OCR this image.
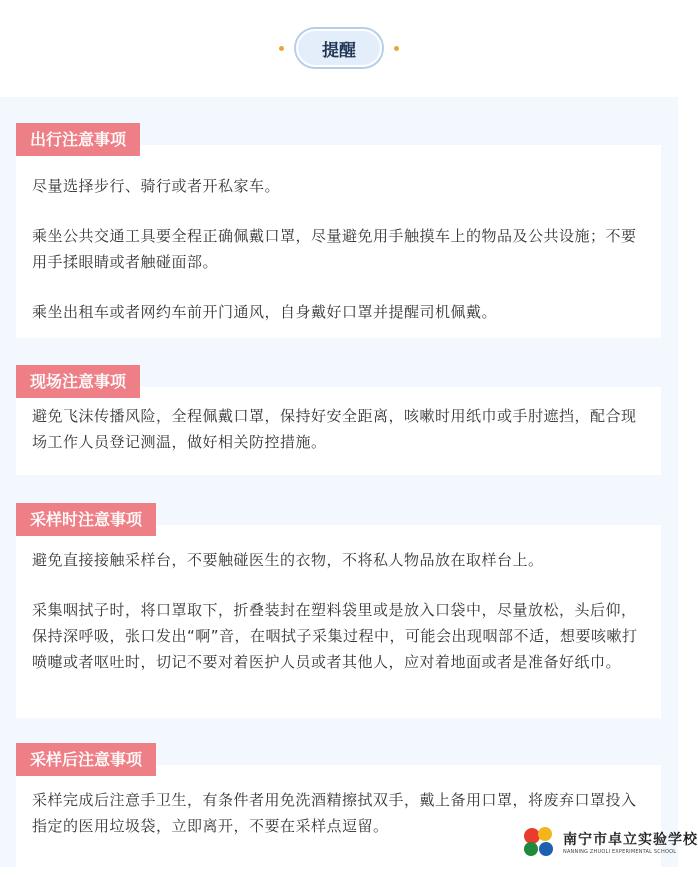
提醒

尽量选择步行、骑行或者开私家车。

乘坐公共交通工具要全程正确佩戴口罩，尽量避免用手触摸车上的物品及公共设施；不要用手揉眼睛或者触碰面部。

乘坐出租车或者网约车前开门通风，自身戴好口罩并提醒司机佩戴。

出行注意事项

避免飞沫传播风险，全程佩戴口罩，保持好安全距离，咳嗽时用纸巾或手肘遮挡，配合现场工作人员登记测温，做好相关防控措施。

现场注意事项

避免直接接触采样台，不要触碰医生的衣物，不将私人物品放在取样台上。

采集咽拭子时，将口罩取下，折叠装封在塑料袋里或是放入口袋中，尽量放松，头后仰，保持深呼吸，张口发出“啊”音，在咽拭子采集过程中，可能会出现咽部不适，想要咳嗽打喷嚏或者呕吐时，切记不要对着医护人员或者其他人，应对着地面或者是准备好纸巾。

采样时注意事项

采样完成后注意手卫生，有条件者用免洗酒精擦拭双手，戴上备用口罩，将废弃口罩投入指定的医用垃圾袋，立即离开，不要在采样点逗留。

采样后注意事项
南宁市卓立实验学校
NANNING ZHUOLI EXPERIMENTAL SCHOOL
